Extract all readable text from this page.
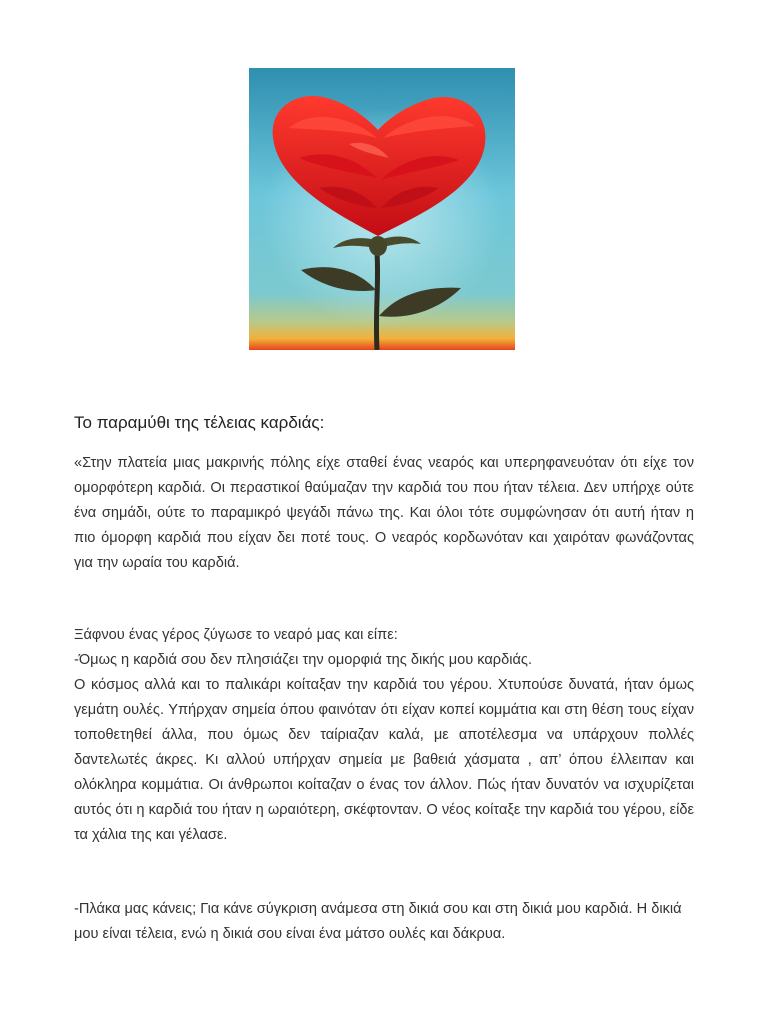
Το παραμύθι της τέλειας καρδιάς:

«Στην πλατεία μιας μακρινής πόλης είχε σταθεί ένας νεαρός και υπερηφανευόταν ότι είχε τον ομορφότερη καρδιά. Οι περαστικοί θαύμαζαν την καρδιά του που ήταν τέλεια. Δεν υπήρχε ούτε ένα σημάδι, ούτε το παραμικρό ψεγάδι πάνω της. Και όλοι τότε συμφώνησαν ότι αυτή ήταν η πιο όμορφη καρδιά που είχαν δει ποτέ τους. Ο νεαρός κορδωνόταν και χαιρόταν φωνάζοντας για την ωραία του καρδιά.

Ξάφνου ένας γέρος ζύγωσε το νεαρό μας και είπε:
-Όμως η καρδιά σου δεν πλησιάζει την ομορφιά της δικής μου καρδιάς.
Ο κόσμος αλλά και το παλικάρι κοίταξαν την καρδιά του γέρου. Χτυπούσε δυνατά, ήταν όμως γεμάτη ουλές. Υπήρχαν σημεία όπου φαινόταν ότι είχαν κοπεί κομμάτια και στη θέση τους είχαν τοποθετηθεί άλλα, που όμως δεν ταίριαζαν καλά, με αποτέλεσμα να υπάρχουν πολλές δαντελωτές άκρες. Κι αλλού υπήρχαν σημεία με βαθειά χάσματα , απ’ όπου έλλειπαν και ολόκληρα κομμάτια. Οι άνθρωποι κοίταζαν ο ένας τον άλλον. Πώς ήταν δυνατόν να ισχυρίζεται αυτός ότι η καρδιά του ήταν η ωραιότερη, σκέφτονταν. Ο νέος κοίταξε την καρδιά του γέρου, είδε τα χάλια της και γέλασε.

-Πλάκα μας κάνεις; Για κάνε σύγκριση ανάμεσα στη δικιά σου και στη δικιά μου καρδιά. Η δικιά μου είναι τέλεια, ενώ η δικιά σου είναι ένα μάτσο ουλές και δάκρυα.
